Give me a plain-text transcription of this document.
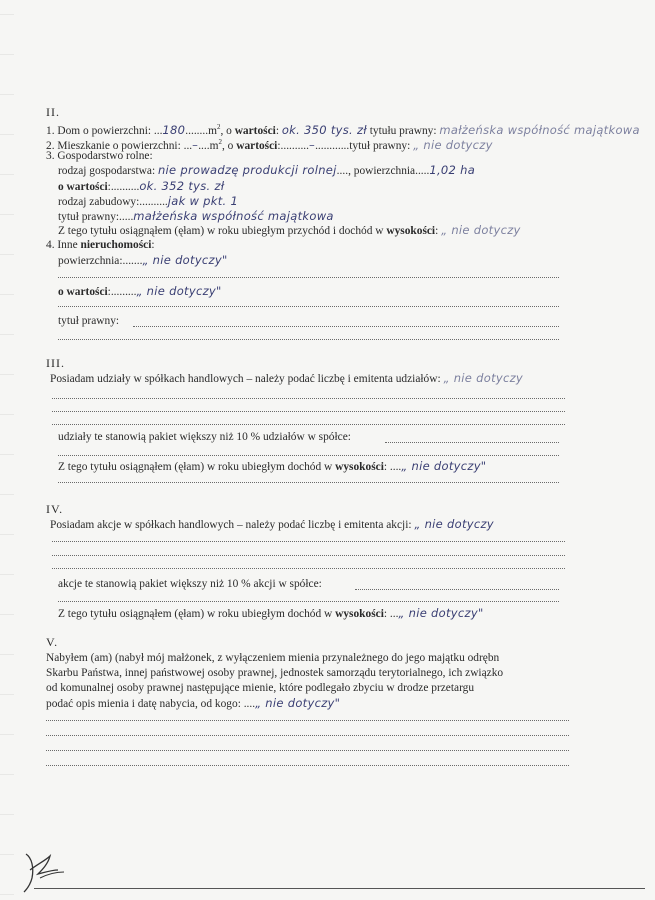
II.
1. Dom o powierzchni: $...180........m^2$, o wartości: ok. 350 tys. zł tytułu prawny: małżeńska współność majątkowa
2. Mieszkanie o powierzchni: $...-....m^2$, o wartości:..........–............tytuł prawny: „ nie dotyczy
3. Gospodarstwo rolne:
rodzaj gospodarstwa: nie prowadzę produkcji rolnej...., powierzchnia.....1,02 ha
o wartości:..........ok. 352 tys. zł
rodzaj zabudowy:..........jak w pkt. 1
tytuł prawny:.....małżeńska współność majątkowa
Z tego tytułu osiągnąłem (ęłam) w roku ubiegłym przychód i dochód w wysokości: „ nie dotyczy
4. Inne nieruchomości:
powierzchnia:.......„ nie dotyczy"
o wartości:.........„ nie dotyczy"
tytuł prawny:
III.
Posiadam udziały w spółkach handlowych – należy podać liczbę i emitenta udziałów: „ nie dotyczy
udziały te stanowią pakiet większy niż 10 % udziałów w spółce:
Z tego tytułu osiągnąłem (ęłam) w roku ubiegłym dochód w wysokości: ....„ nie dotyczy"
IV.
Posiadam akcje w spółkach handlowych – należy podać liczbę i emitenta akcji: „ nie dotyczy
akcje te stanowią pakiet większy niż 10 % akcji w spółce:
Z tego tytułu osiągnąłem (ęłam) w roku ubiegłym dochód w wysokości: ...„ nie dotyczy"
V.
Nabyłem (am) (nabył mój małżonek, z wyłączeniem mienia przynależnego do jego majątku odrębn
Skarbu Państwa, innej państwowej osoby prawnej, jednostek samorządu terytorialnego, ich związko
od komunalnej osoby prawnej następujące mienie, które podlegało zbyciu w drodze przetargu
podać opis mienia i datę nabycia, od kogo: ....„ nie dotyczy"
